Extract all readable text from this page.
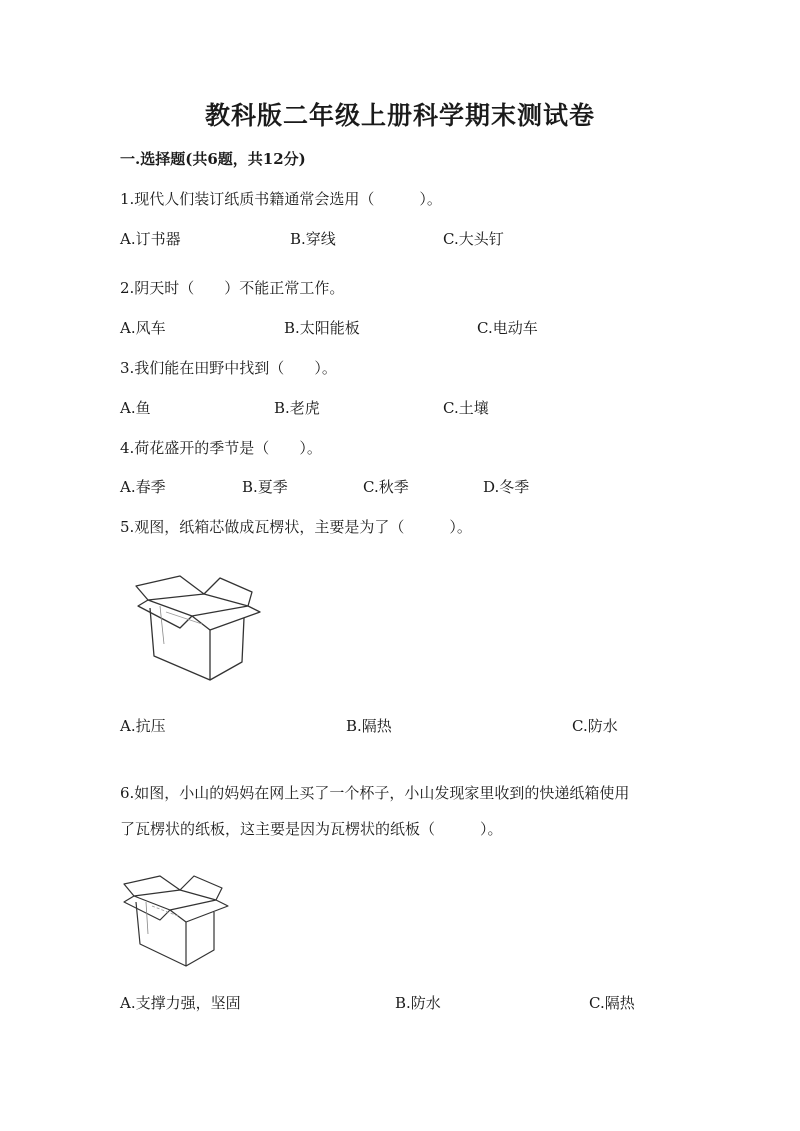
教科版二年级上册科学期末测试卷
一.选择题(共6题，共12分)
1.现代人们装订纸质书籍通常会选用（　　　）。
A.订书器	B.穿线	C.大头钉
2.阴天时（　　）不能正常工作。
A.风车	B.太阳能板	C.电动车
3.我们能在田野中找到（　　）。
A.鱼	B.老虎	C.土壤
4.荷花盛开的季节是（　　）。
A.春季	B.夏季	C.秋季	D.冬季
5.观图，纸箱芯做成瓦楞状，主要是为了（　　　）。
A.抗压	B.隔热	C.防水
6.如图，小山的妈妈在网上买了一个杯子，小山发现家里收到的快递纸箱使用
了瓦楞状的纸板，这主要是因为瓦楞状的纸板（　　　）。
A.支撑力强，坚固	B.防水	C.隔热
